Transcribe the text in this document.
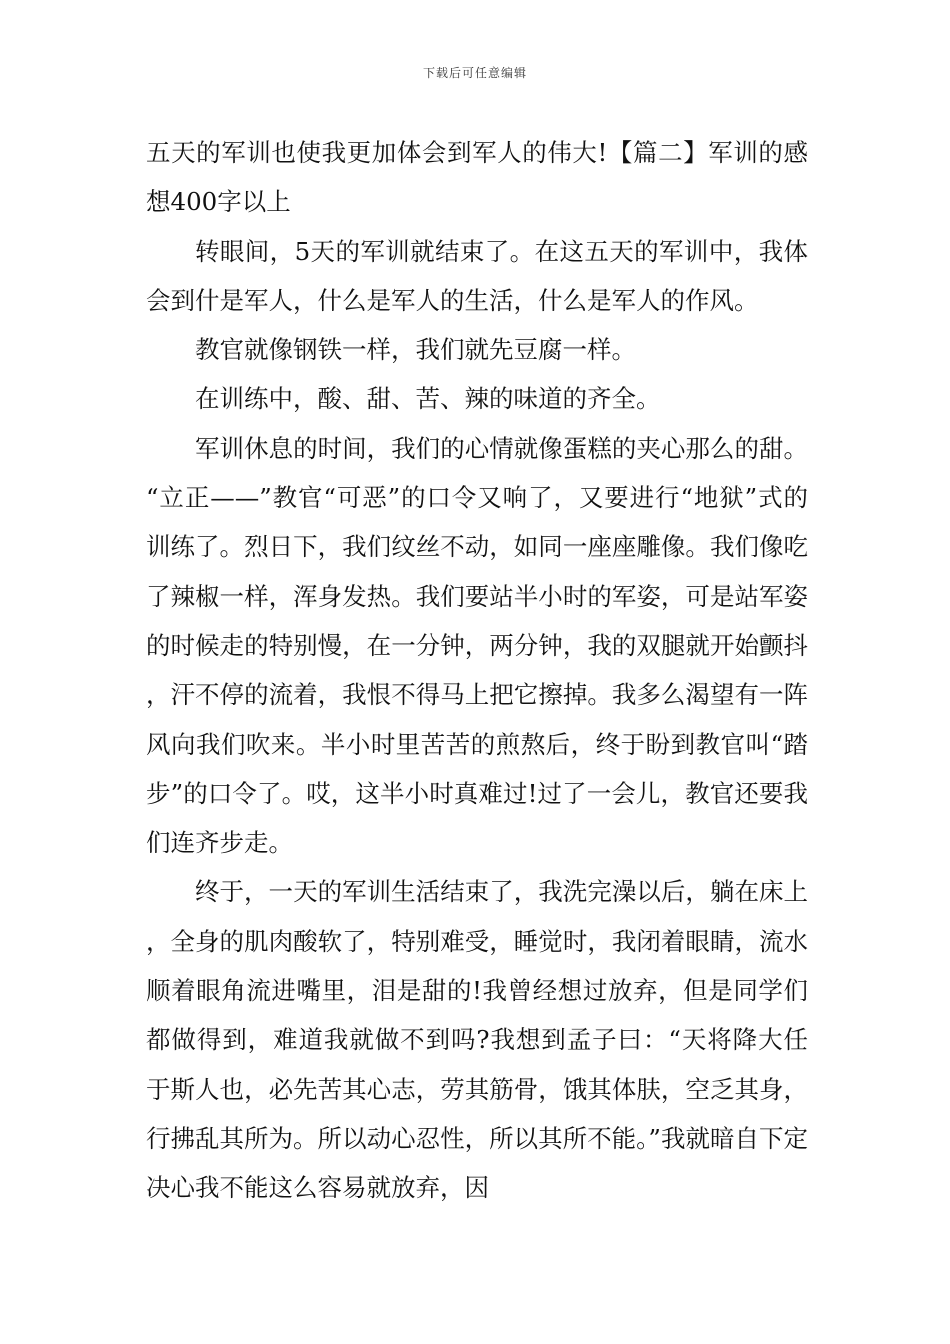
下载后可任意编辑

五天的军训也使我更加体会到军人的伟大!【篇二】军训的感想400字以上

转眼间，5天的军训就结束了。在这五天的军训中，我体会到什是军人，什么是军人的生活，什么是军人的作风。

教官就像钢铁一样，我们就先豆腐一样。

在训练中，酸、甜、苦、辣的味道的齐全。

军训休息的时间，我们的心情就像蛋糕的夹心那么的甜。“立正——”教官“可恶”的口令又响了，又要进行“地狱”式的训练了。烈日下，我们纹丝不动，如同一座座雕像。我们像吃了辣椒一样，浑身发热。我们要站半小时的军姿，可是站军姿的时候走的特别慢，在一分钟，两分钟，我的双腿就开始颤抖，汗不停的流着，我恨不得马上把它擦掉。我多么渴望有一阵风向我们吹来。半小时里苦苦的煎熬后，终于盼到教官叫“踏步”的口令了。哎，这半小时真难过!过了一会儿，教官还要我们连齐步走。

终于，一天的军训生活结束了，我洗完澡以后，躺在床上，全身的肌肉酸软了，特别难受，睡觉时，我闭着眼睛，流水顺着眼角流进嘴里，泪是甜的!我曾经想过放弃，但是同学们都做得到，难道我就做不到吗?我想到孟子曰：“天将降大任于斯人也，必先苦其心志，劳其筋骨，饿其体肤，空乏其身，行拂乱其所为。所以动心忍性，所以其所不能。”我就暗自下定决心我不能这么容易就放弃，因
